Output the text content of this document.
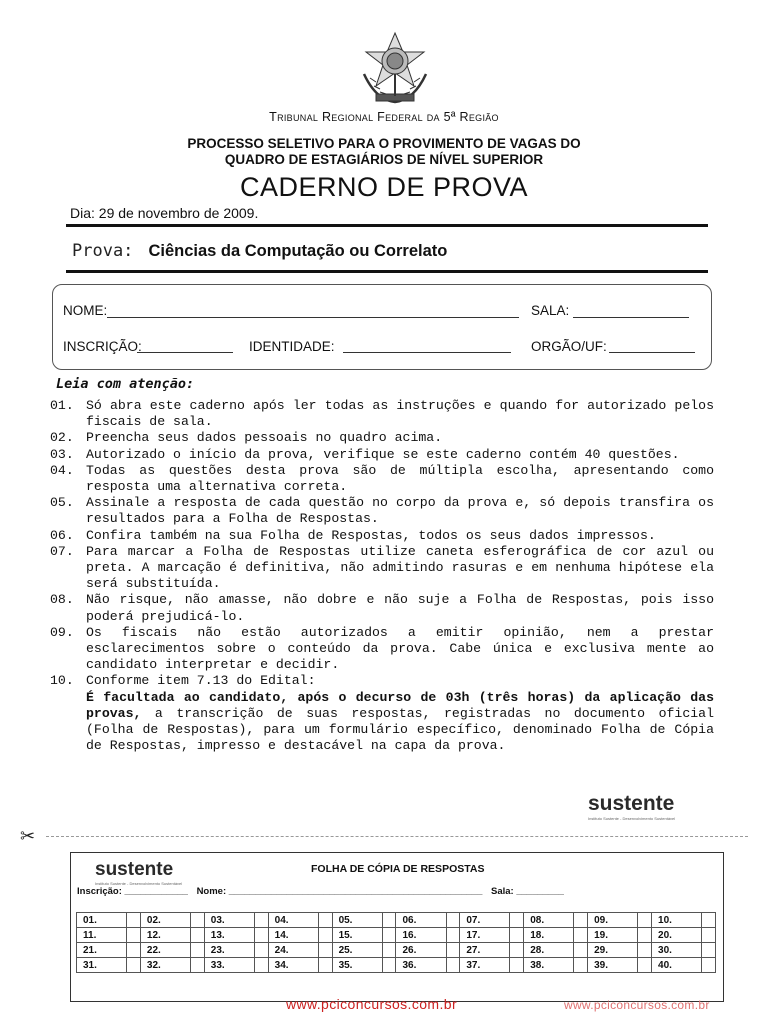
Tribunal Regional Federal da 5ª Região
PROCESSO SELETIVO PARA O PROVIMENTO DE VAGAS DO
QUADRO DE ESTAGIÁRIOS DE NÍVEL SUPERIOR
CADERNO DE PROVA
Dia: 29 de novembro de 2009.
Prova: Ciências da Computação ou Correlato
NOME:	SALA:
INSCRIÇÃO:	IDENTIDADE:	ORGÃO/UF:
Leia com atenção:
01. Só abra este caderno após ler todas as instruções e quando for autorizado pelos fiscais de sala.
02. Preencha seus dados pessoais no quadro acima.
03. Autorizado o início da prova, verifique se este caderno contém 40 questões.
04. Todas as questões desta prova são de múltipla escolha, apresentando como resposta uma alternativa correta.
05. Assinale a resposta de cada questão no corpo da prova e, só depois transfira os resultados para a Folha de Respostas.
06. Confira também na sua Folha de Respostas, todos os seus dados impressos.
07. Para marcar a Folha de Respostas utilize caneta esferográfica de cor azul ou preta. A marcação é definitiva, não admitindo rasuras e em nenhuma hipótese ela será substituída.
08. Não risque, não amasse, não dobre e não suje a Folha de Respostas, pois isso poderá prejudicá-lo.
09. Os fiscais não estão autorizados a emitir opinião, nem a prestar esclarecimentos sobre o conteúdo da prova. Cabe única e exclusiva mente ao candidato interpretar e decidir.
10. Conforme item 7.13 do Edital:
É facultada ao candidato, após o decurso de 03h (três horas) da aplicação das provas, a transcrição de suas respostas, registradas no documento oficial (Folha de Respostas), para um formulário específico, denominado Folha de Cópia de Respostas, impresso e destacável na capa da prova.
sustente
Instituto Sustente - Desenvolvimento Sustentável
✂
sustente
Instituto Sustente - Desenvolvimento Sustentável
FOLHA DE CÓPIA DE RESPOSTAS
Inscrição: ____________ Nome: ________________________________________________ Sala: _________
01.		02.		03.		04.		05.		06.		07.		08.		09.		10.	
11.		12.		13.		14.		15.		16.		17.		18.		19.		20.	
21.		22.		23.		24.		25.		26.		27.		28.		29.		30.	
31.		32.		33.		34.		35.		36.		37.		38.		39.		40.	
www.pciconcursos.com.br	www.pciconcursos.com.br
